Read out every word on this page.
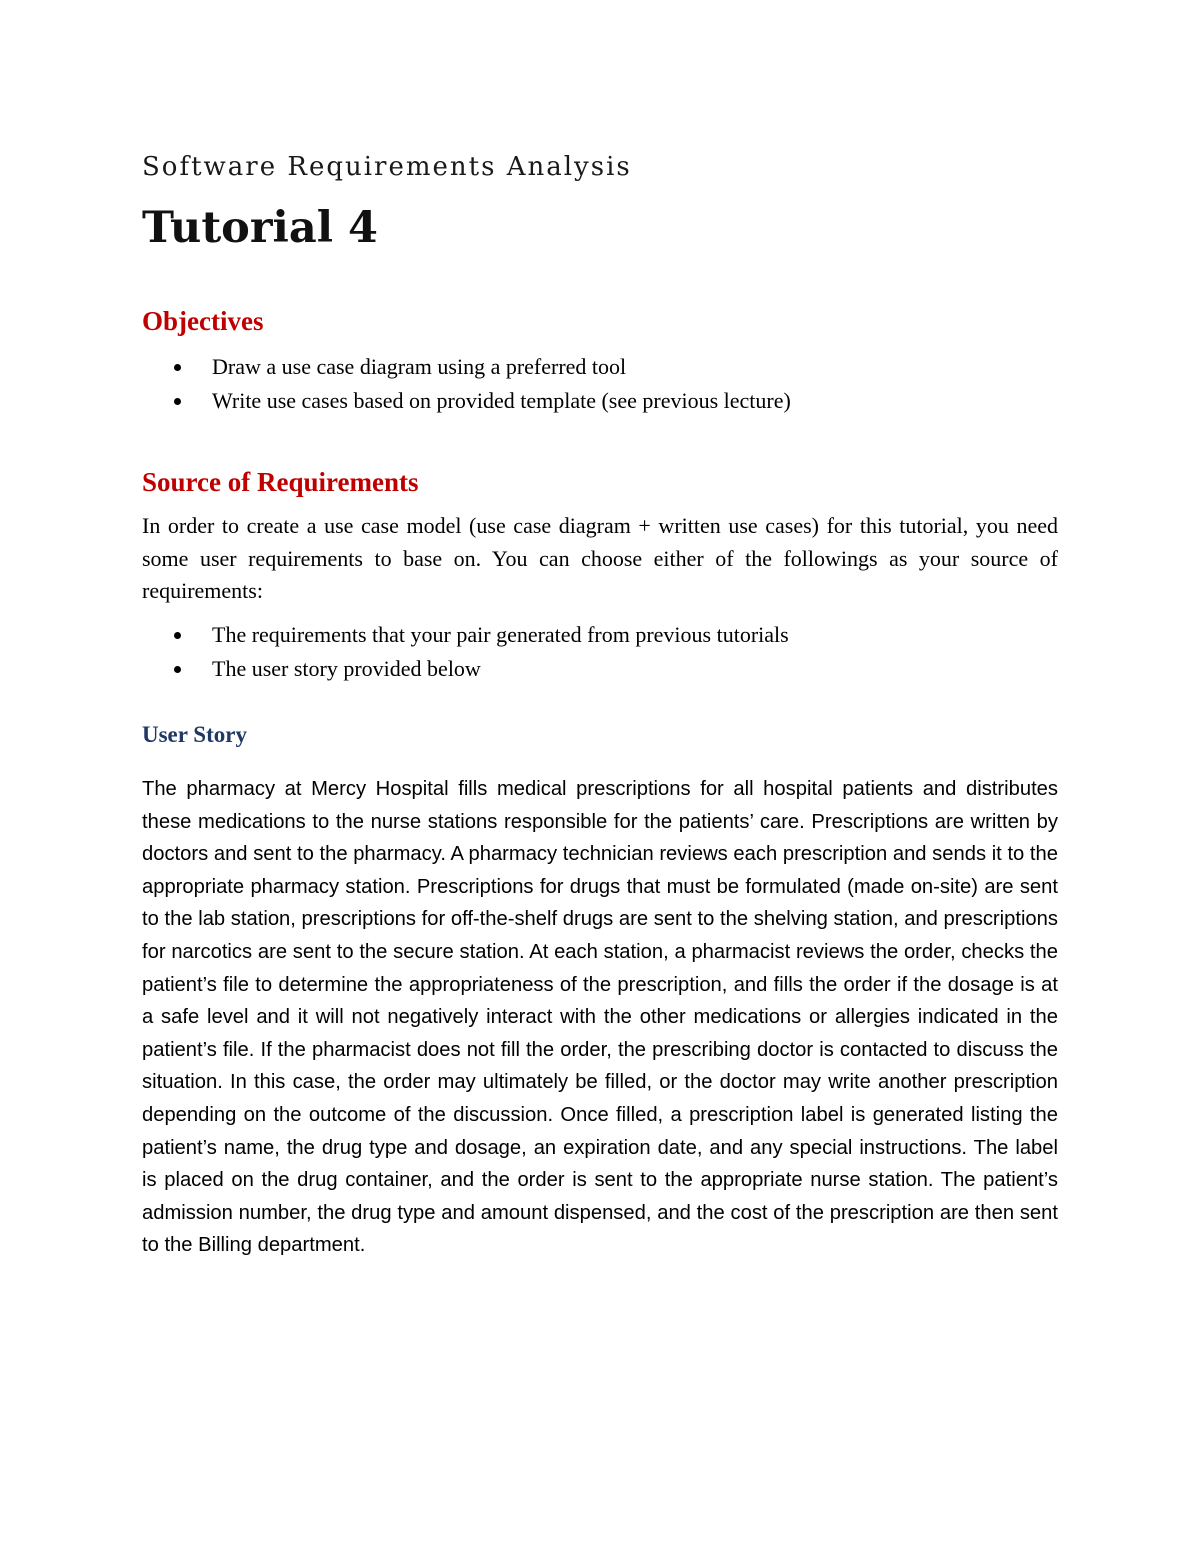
Software Requirements Analysis
Tutorial 4
Objectives
Draw a use case diagram using a preferred tool
Write use cases based on provided template (see previous lecture)
Source of Requirements
In order to create a use case model (use case diagram + written use cases) for this tutorial, you need some user requirements to base on. You can choose either of the followings as your source of requirements:
The requirements that your pair generated from previous tutorials
The user story provided below
User Story
The pharmacy at Mercy Hospital fills medical prescriptions for all hospital patients and distributes these medications to the nurse stations responsible for the patients’ care. Prescriptions are written by doctors and sent to the pharmacy. A pharmacy technician reviews each prescription and sends it to the appropriate pharmacy station. Prescriptions for drugs that must be formulated (made on-site) are sent to the lab station, prescriptions for off-the-shelf drugs are sent to the shelving station, and prescriptions for narcotics are sent to the secure station. At each station, a pharmacist reviews the order, checks the patient’s file to determine the appropriateness of the prescription, and fills the order if the dosage is at a safe level and it will not negatively interact with the other medications or allergies indicated in the patient’s file. If the pharmacist does not fill the order, the prescribing doctor is contacted to discuss the situation. In this case, the order may ultimately be filled, or the doctor may write another prescription depending on the outcome of the discussion. Once filled, a prescription label is generated listing the patient’s name, the drug type and dosage, an expiration date, and any special instructions. The label is placed on the drug container, and the order is sent to the appropriate nurse station. The patient’s admission number, the drug type and amount dispensed, and the cost of the prescription are then sent to the Billing department.
